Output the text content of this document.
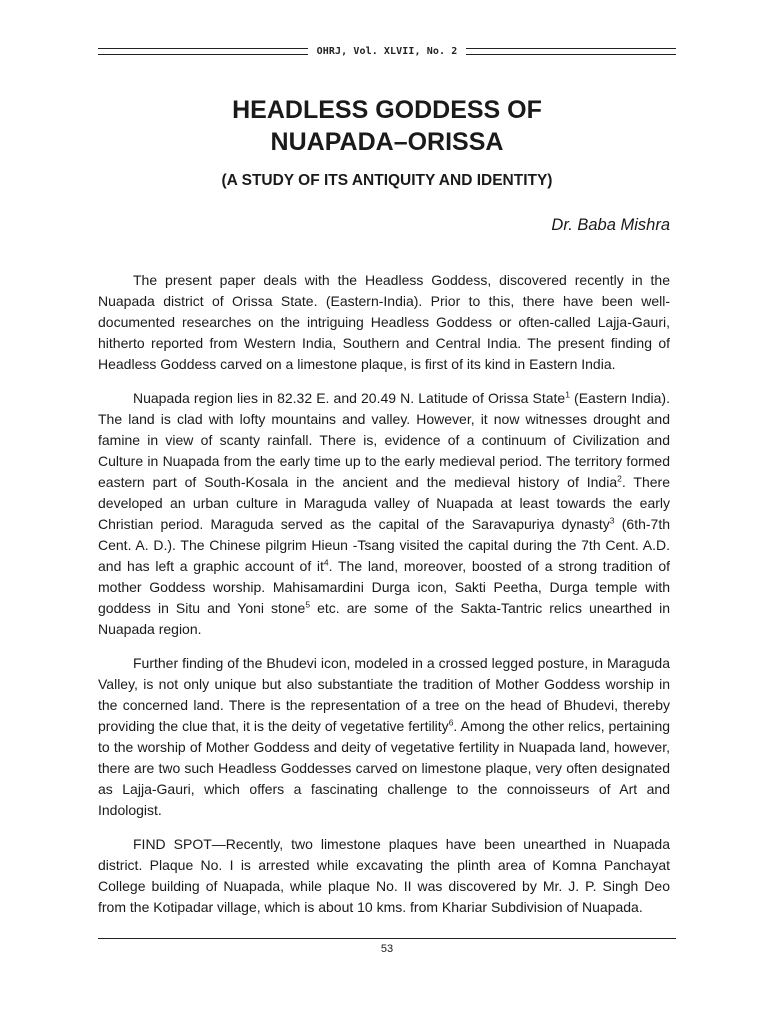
OHRJ, Vol. XLVII, No. 2
HEADLESS GODDESS OF
NUAPADA–ORISSA
(A STUDY OF ITS ANTIQUITY AND IDENTITY)
Dr. Baba Mishra

The present paper deals with the Headless Goddess, discovered recently in the Nuapada district of Orissa State. (Eastern-India). Prior to this, there have been well-documented researches on the intriguing Headless Goddess or often-called Lajja-Gauri, hitherto reported from Western India, Southern and Central India. The present finding of Headless Goddess carved on a limestone plaque, is first of its kind in Eastern India.

Nuapada region lies in 82.32 E. and 20.49 N. Latitude of Orissa State$^1$ (Eastern India). The land is clad with lofty mountains and valley. However, it now witnesses drought and famine in view of scanty rainfall. There is, evidence of a continuum of Civilization and Culture in Nuapada from the early time up to the early medieval period. The territory formed eastern part of South-Kosala in the ancient and the medieval history of India$^2$. There developed an urban culture in Maraguda valley of Nuapada at least towards the early Christian period. Maraguda served as the capital of the Saravapuriya dynasty$^3$ (6th-7th Cent. A. D.). The Chinese pilgrim Hieun -Tsang visited the capital during the 7th Cent. A.D. and has left a graphic account of $it^4$. The land, moreover, boosted of a strong tradition of mother Goddess worship. Mahisamardini Durga icon, Sakti Peetha, Durga temple with goddess in Situ and Yoni stone$^5$ etc. are some of the Sakta-Tantric relics unearthed in Nuapada region.

Further finding of the Bhudevi icon, modeled in a crossed legged posture, in Maraguda Valley, is not only unique but also substantiate the tradition of Mother Goddess worship in the concerned land. There is the representation of a tree on the head of Bhudevi, thereby providing the clue that, it is the deity of vegetative fertility$^6$. Among the other relics, pertaining to the worship of Mother Goddess and deity of vegetative fertility in Nuapada land, however, there are two such Headless Goddesses carved on limestone plaque, very often designated as Lajja-Gauri, which offers a fascinating challenge to the connoisseurs of Art and Indologist.

FIND SPOT—Recently, two limestone plaques have been unearthed in Nuapada district. Plaque No. I is arrested while excavating the plinth area of Komna Panchayat College building of Nuapada, while plaque No. II was discovered by Mr. J. P. Singh Deo from the Kotipadar village, which is about 10 kms. from Khariar Subdivision of Nuapada.

53
